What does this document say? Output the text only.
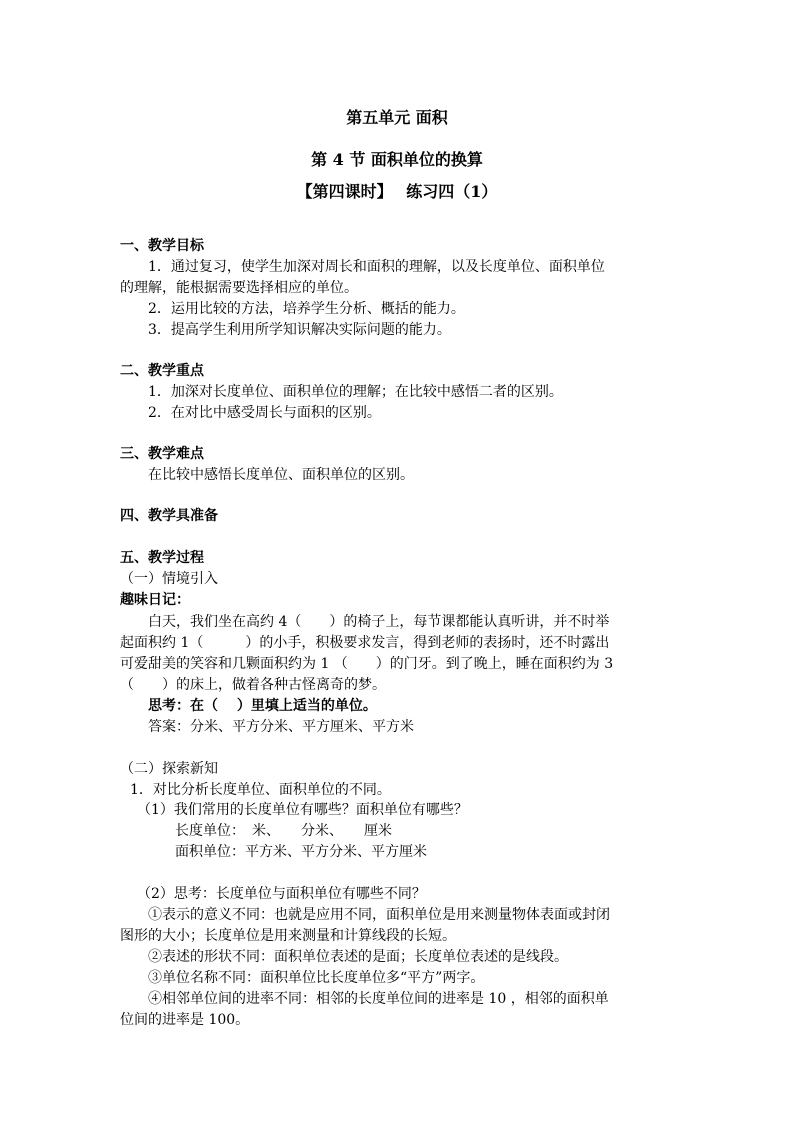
第五单元 面积
第 4 节 面积单位的换算
【第四课时】　 练习四（1）
一、教学目标
1．通过复习，使学生加深对周长和面积的理解，以及长度单位、面积单位
的理解，能根据需要选择相应的单位。
2．运用比较的方法，培养学生分析、概括的能力。
3．提高学生利用所学知识解决实际问题的能力。
二、教学重点
1．加深对长度单位、面积单位的理解；在比较中感悟二者的区别。
2．在对比中感受周长与面积的区别。
三、教学难点
在比较中感悟长度单位、面积单位的区别。
四、教学具准备
五、教学过程
（一）情境引入
趣味日记：
白天，我们坐在高约 4（　　）的椅子上，每节课都能认真听讲，并不时举
起面积约 1（　　　）的小手，积极要求发言，得到老师的表扬时，还不时露出
可爱甜美的笑容和几颗面积约为 1 （　　）的门牙。到了晚上，睡在面积约为 3
（　　）的床上，做着各种古怪离奇的梦。
思考：在（　 ）里填上适当的单位。
答案：分米、平方分米、平方厘米、平方米
（二）探索新知
1．对比分析长度单位、面积单位的不同。
（1）我们常用的长度单位有哪些？面积单位有哪些？
长度单位：　米、　　分米、　　厘米
面积单位：平方米、平方分米、平方厘米
（2）思考：长度单位与面积单位有哪些不同？
①表示的意义不同：也就是应用不同，面积单位是用来测量物体表面或封闭
图形的大小；长度单位是用来测量和计算线段的长短。
②表述的形状不同：面积单位表述的是面；长度单位表述的是线段。
③单位名称不同：面积单位比长度单位多“平方”两字。
④相邻单位间的进率不同：相邻的长度单位间的进率是 10 ，相邻的面积单
位间的进率是 100。
